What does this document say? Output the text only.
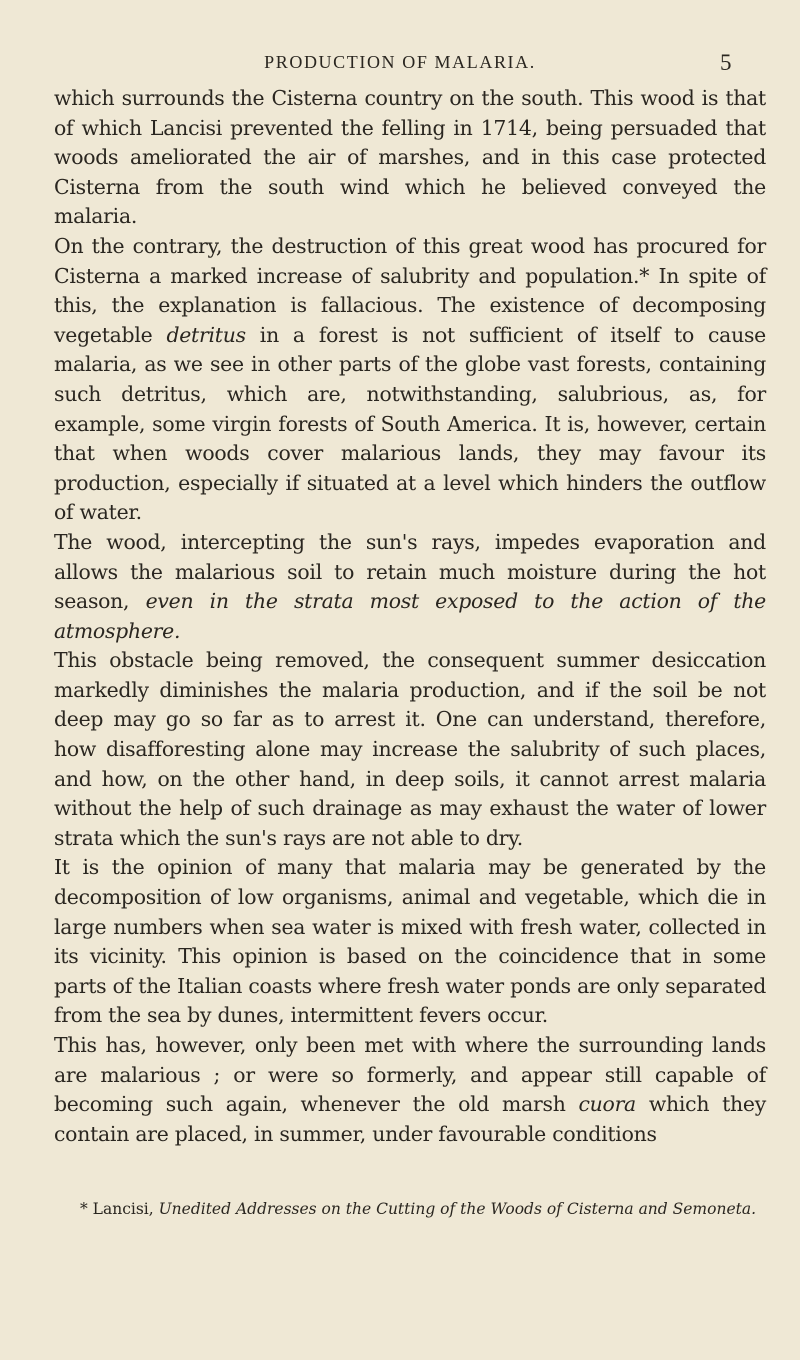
PRODUCTION OF MALARIA.	5

which surrounds the Cisterna country on the south. This wood is that of which Lancisi prevented the felling in 1714, being persuaded that woods ameliorated the air of marshes, and in this case protected Cisterna from the south wind which he believed conveyed the malaria.

On the contrary, the destruction of this great wood has procured for Cisterna a marked increase of salubrity and population.* In spite of this, the explanation is fallacious. The existence of decomposing vegetable detritus in a forest is not sufficient of itself to cause malaria, as we see in other parts of the globe vast forests, containing such detritus, which are, notwithstanding, salubrious, as, for example, some virgin forests of South America. It is, however, certain that when woods cover malarious lands, they may favour its production, especially if situated at a level which hinders the outflow of water.

The wood, intercepting the sun's rays, impedes evaporation and allows the malarious soil to retain much moisture during the hot season, even in the strata most exposed to the action of the atmosphere.

This obstacle being removed, the consequent summer desiccation markedly diminishes the malaria production, and if the soil be not deep may go so far as to arrest it. One can understand, therefore, how disafforesting alone may increase the salubrity of such places, and how, on the other hand, in deep soils, it cannot arrest malaria without the help of such drainage as may exhaust the water of lower strata which the sun's rays are not able to dry.

It is the opinion of many that malaria may be generated by the decomposition of low organisms, animal and vegetable, which die in large numbers when sea water is mixed with fresh water, collected in its vicinity. This opinion is based on the coincidence that in some parts of the Italian coasts where fresh water ponds are only separated from the sea by dunes, intermittent fevers occur.

This has, however, only been met with where the surrounding lands are malarious ; or were so formerly, and appear still capable of becoming such again, whenever the old marsh cuora which they contain are placed, in summer, under favourable conditions

* Lancisi, Unedited Addresses on the Cutting of the Woods of Cisterna and Semoneta.
